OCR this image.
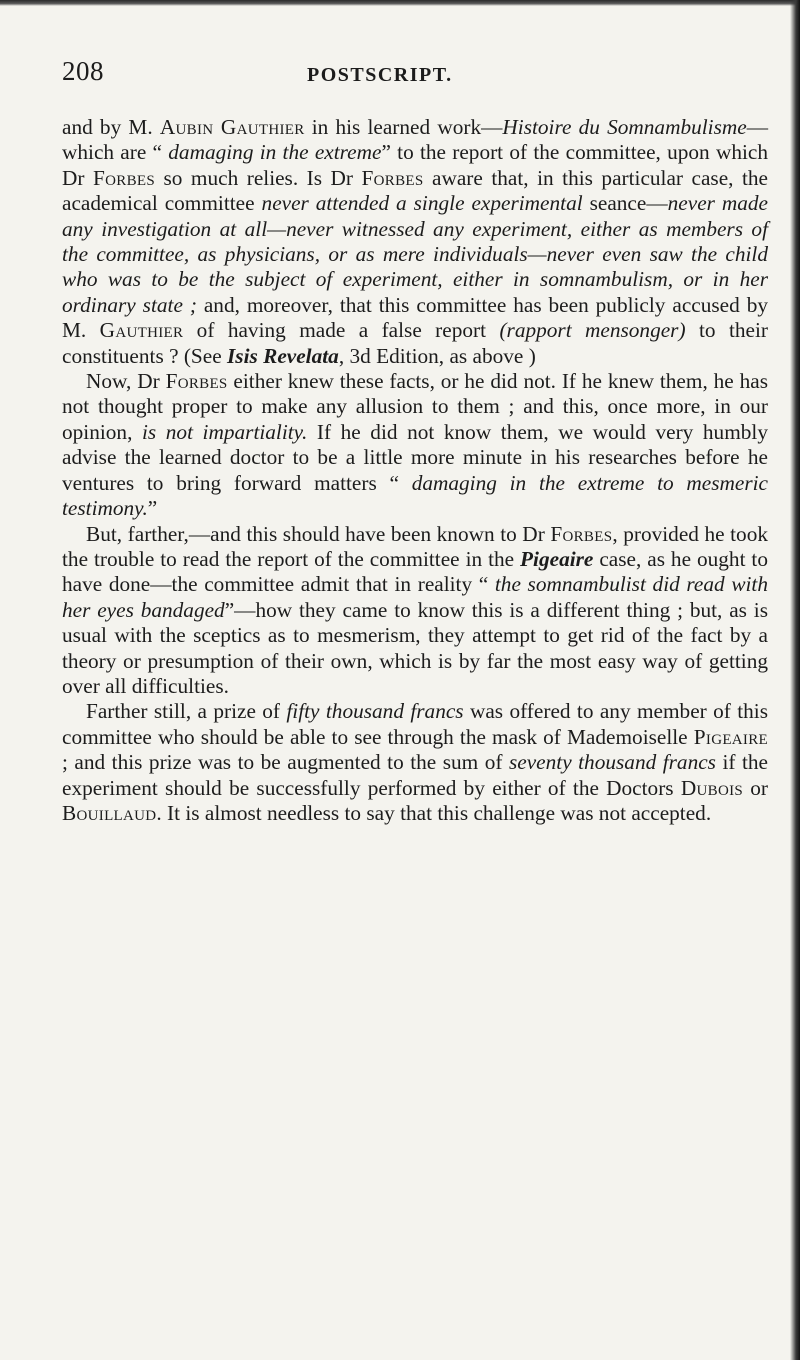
208	POSTSCRIPT.

and by M. Aubin Gauthier in his learned work—Histoire du Somnambulisme—which are “ damaging in the extreme” to the report of the committee, upon which Dr Forbes so much relies. Is Dr Forbes aware that, in this particular case, the academical committee never attended a single experimental seance—never made any investigation at all—never witnessed any experiment, either as members of the committee, as physicians, or as mere individuals—never even saw the child who was to be the subject of experiment, either in somnambulism, or in her ordinary state ; and, moreover, that this committee has been publicly accused by M. Gauthier of having made a false report (rapport mensonger) to their constituents ? (See Isis Revelata, 3d Edition, as above )

Now, Dr Forbes either knew these facts, or he did not. If he knew them, he has not thought proper to make any allusion to them ; and this, once more, in our opinion, is not impartiality. If he did not know them, we would very humbly advise the learned doctor to be a little more minute in his researches before he ventures to bring forward matters “ damaging in the extreme to mesmeric testimony.”

But, farther,—and this should have been known to Dr Forbes, provided he took the trouble to read the report of the committee in the Pigeaire case, as he ought to have done—the committee admit that in reality “ the somnambulist did read with her eyes bandaged”—how they came to know this is a different thing ; but, as is usual with the sceptics as to mesmerism, they attempt to get rid of the fact by a theory or presumption of their own, which is by far the most easy way of getting over all difficulties.

Farther still, a prize of fifty thousand francs was offered to any member of this committee who should be able to see through the mask of Mademoiselle Pigeaire ; and this prize was to be augmented to the sum of seventy thousand francs if the experiment should be successfully performed by either of the Doctors Dubois or Bouillaud. It is almost needless to say that this challenge was not accepted.
